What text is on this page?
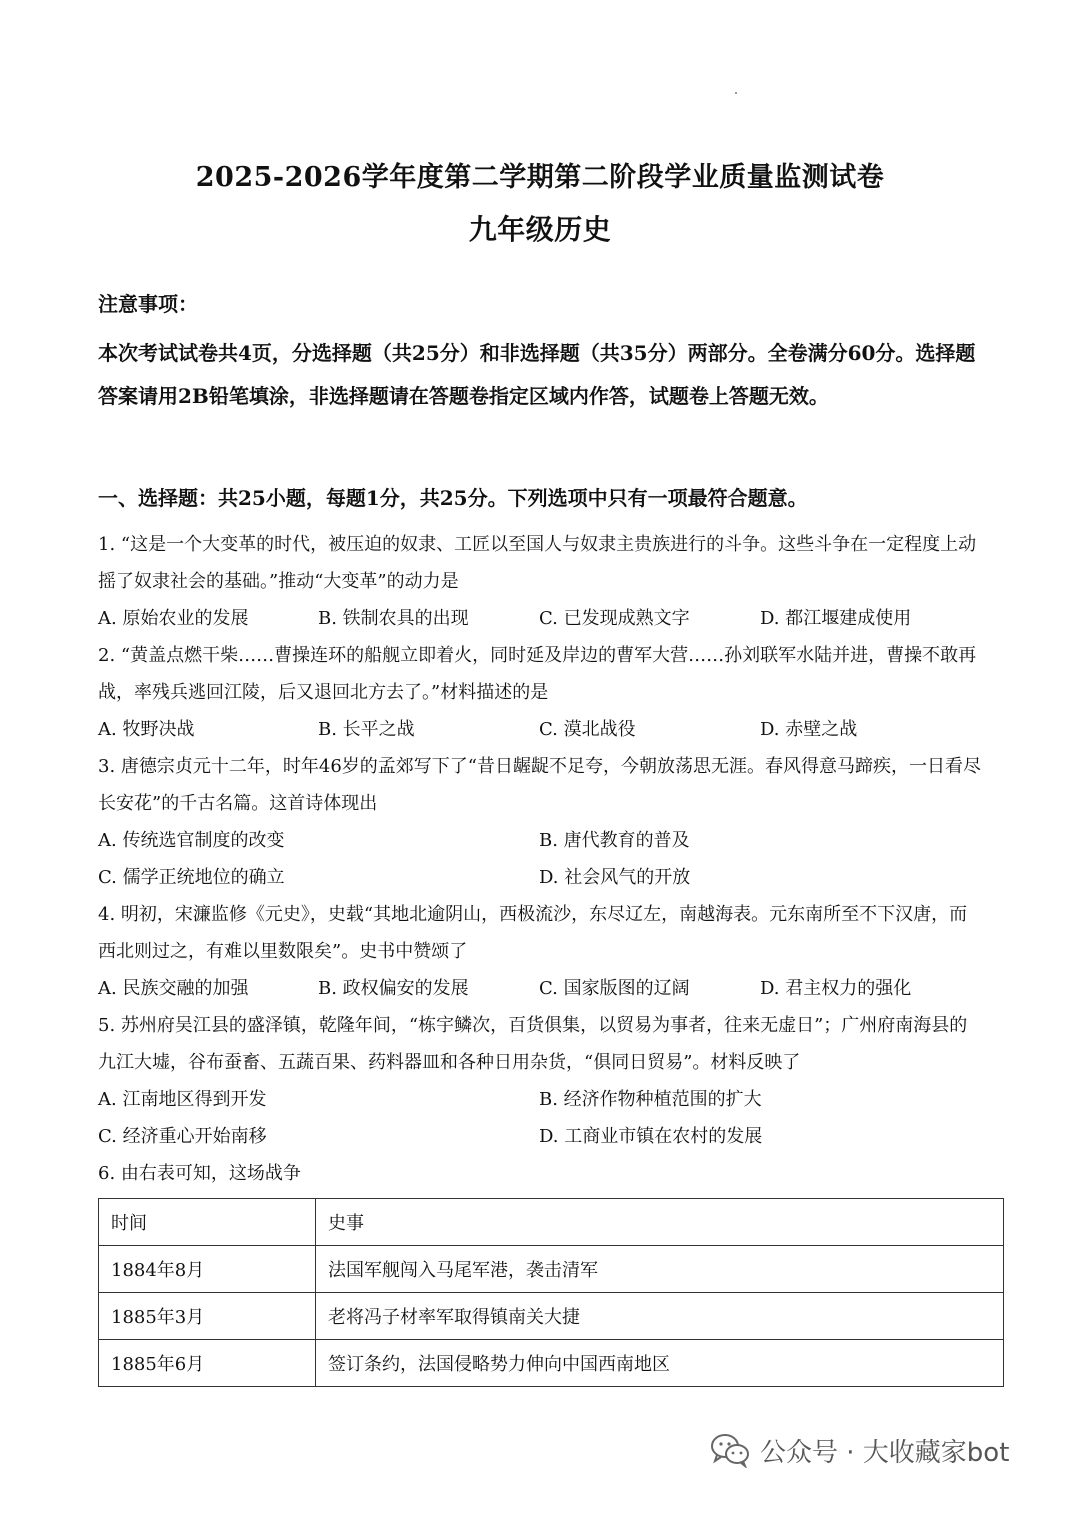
2025-2026学年度第二学期第二阶段学业质量监测试卷
九年级历史
注意事项：
本次考试试卷共4页，分选择题（共25分）和非选择题（共35分）两部分。全卷满分60分。选择题答案请用2B铅笔填涂，非选择题请在答题卷指定区域内作答，试题卷上答题无效。
一、选择题：共25小题，每题1分，共25分。下列选项中只有一项最符合题意。
1. “这是一个大变革的时代，被压迫的奴隶、工匠以至国人与奴隶主贵族进行的斗争。这些斗争在一定程度上动摇了奴隶社会的基础。”推动“大变革”的动力是
A. 原始农业的发展	B. 铁制农具的出现	C. 已发现成熟文字	D. 都江堰建成使用
2. “黄盖点燃干柴……曹操连环的船舰立即着火，同时延及岸边的曹军大营……孙刘联军水陆并进，曹操不敢再战，率残兵逃回江陵，后又退回北方去了。”材料描述的是
A. 牧野决战	B. 长平之战	C. 漠北战役	D. 赤壁之战
3. 唐德宗贞元十二年，时年46岁的孟郊写下了“昔日龌龊不足夸，今朝放荡思无涯。春风得意马蹄疾，一日看尽长安花”的千古名篇。这首诗体现出
A. 传统选官制度的改变	B. 唐代教育的普及
C. 儒学正统地位的确立	D. 社会风气的开放
4. 明初，宋濂监修《元史》，史载“其地北逾阴山，西极流沙，东尽辽左，南越海表。元东南所至不下汉唐，而西北则过之，有难以里数限矣”。史书中赞颂了
A. 民族交融的加强	B. 政权偏安的发展	C. 国家版图的辽阔	D. 君主权力的强化
5. 苏州府吴江县的盛泽镇，乾隆年间，“栋宇鳞次，百货俱集，以贸易为事者，往来无虚日”；广州府南海县的九江大墟，谷布蚕畜、五蔬百果、药料器皿和各种日用杂货，“俱同日贸易”。材料反映了
A. 江南地区得到开发	B. 经济作物种植范围的扩大
C. 经济重心开始南移	D. 工商业市镇在农村的发展
6. 由右表可知，这场战争
时间	史事
1884年8月	法国军舰闯入马尾军港，袭击清军
1885年3月	老将冯子材率军取得镇南关大捷
1885年6月	签订条约，法国侵略势力伸向中国西南地区
公众号 · 大收藏家bot
